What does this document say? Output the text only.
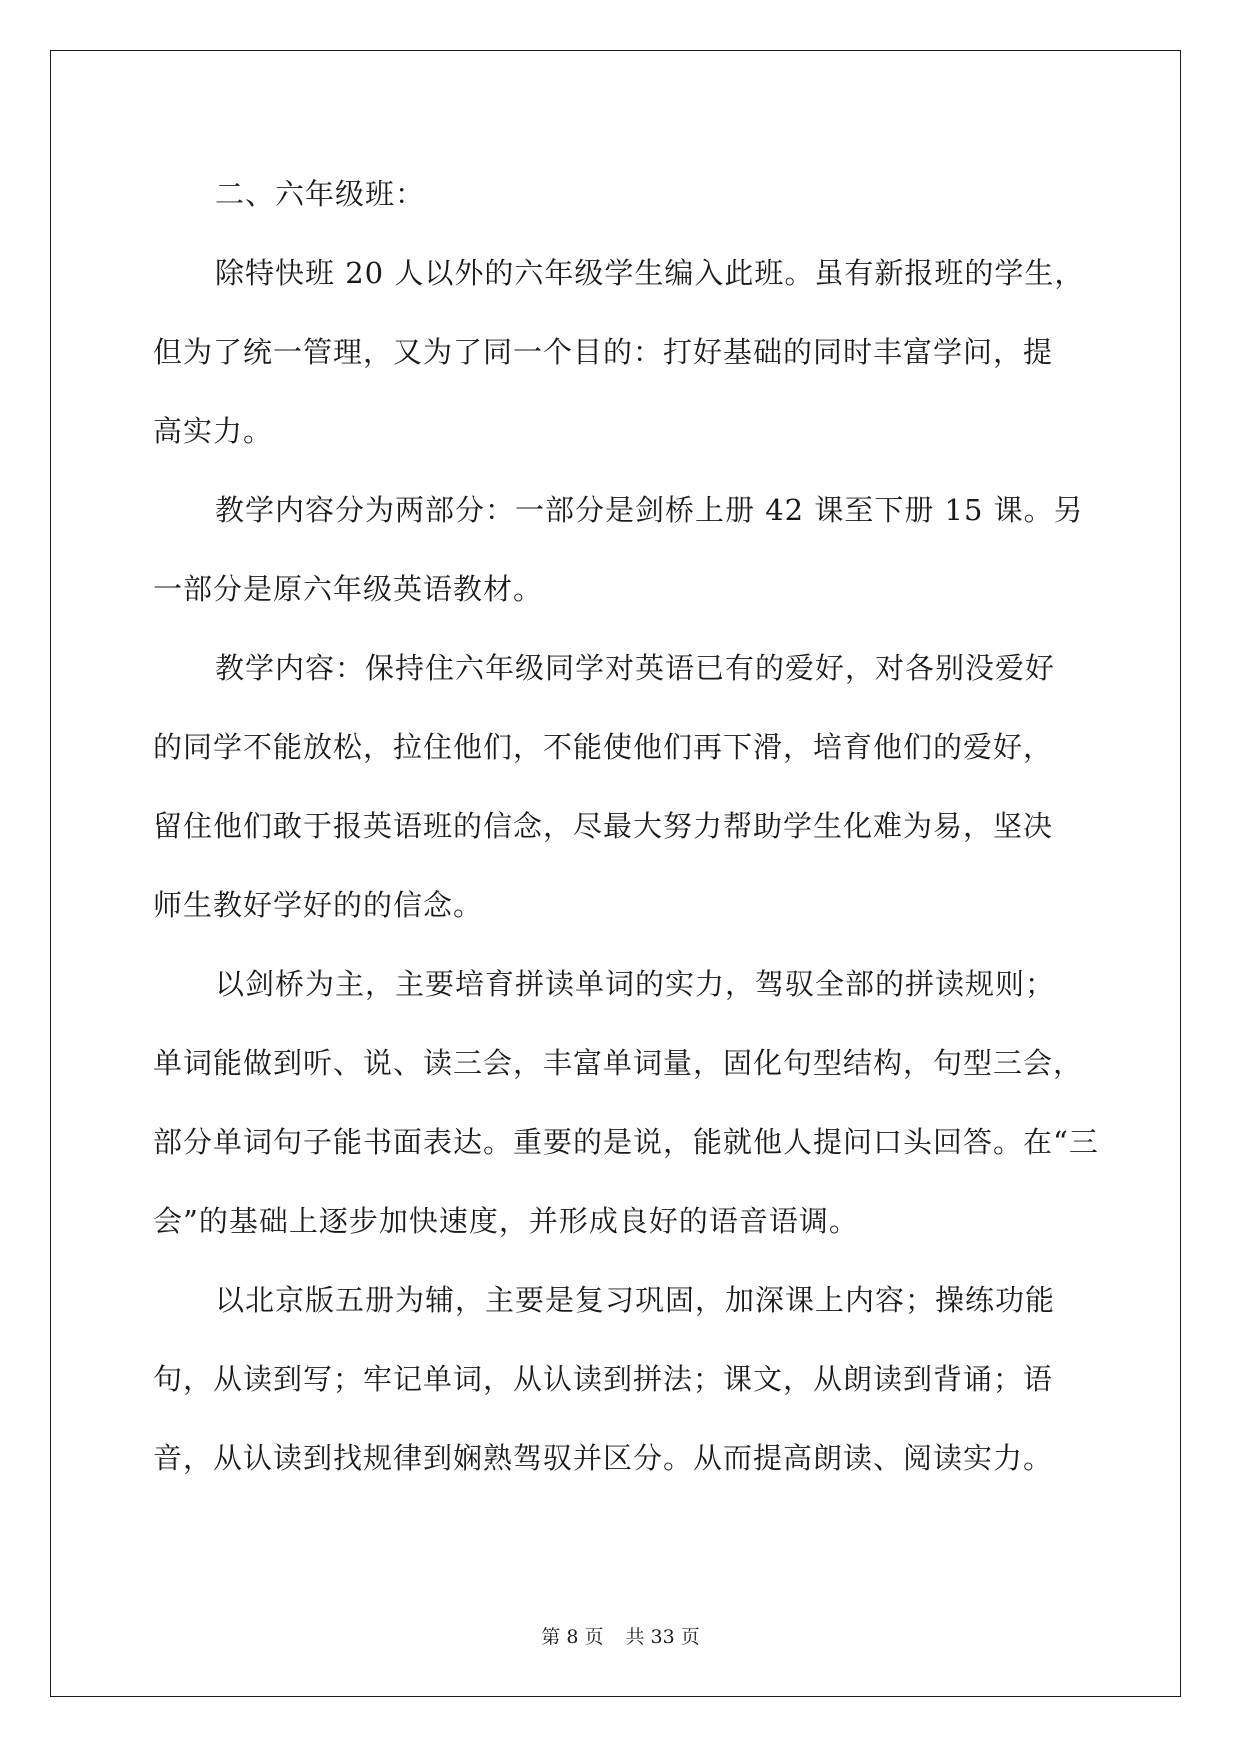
二、六年级班：
除特快班 20 人以外的六年级学生编入此班。虽有新报班的学生，
但为了统一管理，又为了同一个目的：打好基础的同时丰富学问，提
高实力。
教学内容分为两部分：一部分是剑桥上册 42 课至下册 15 课。另
一部分是原六年级英语教材。
教学内容：保持住六年级同学对英语已有的爱好，对各别没爱好
的同学不能放松，拉住他们，不能使他们再下滑，培育他们的爱好，
留住他们敢于报英语班的信念，尽最大努力帮助学生化难为易，坚决
师生教好学好的的信念。
以剑桥为主，主要培育拼读单词的实力，驾驭全部的拼读规则；
单词能做到听、说、读三会，丰富单词量，固化句型结构，句型三会，
部分单词句子能书面表达。重要的是说，能就他人提问口头回答。在“三
会”的基础上逐步加快速度，并形成良好的语音语调。
以北京版五册为辅，主要是复习巩固，加深课上内容；操练功能
句，从读到写；牢记单词，从认读到拼法；课文，从朗读到背诵；语
音，从认读到找规律到娴熟驾驭并区分。从而提高朗读、阅读实力。
第 8 页 共 33 页
